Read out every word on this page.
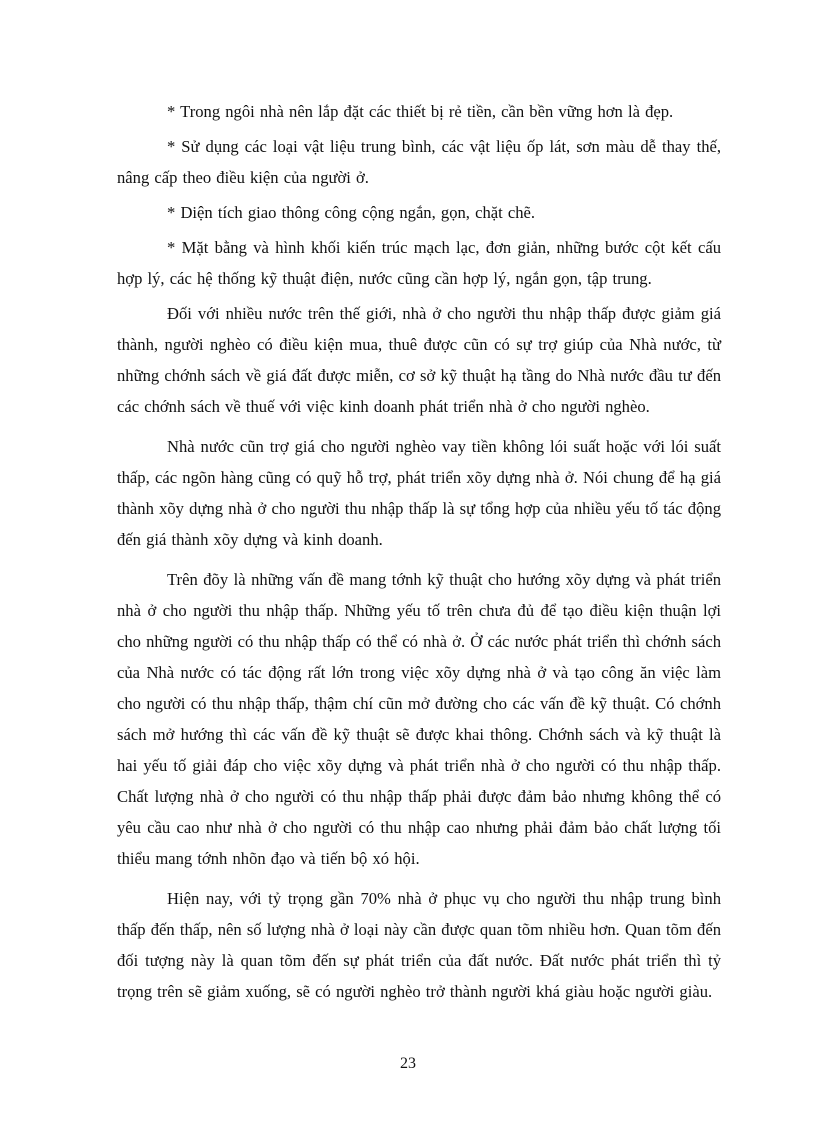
* Trong ngôi nhà nên lắp đặt các thiết bị rẻ tiền, cần bền vững hơn là đẹp.

* Sử dụng các loại vật liệu trung bình, các vật liệu ốp lát, sơn màu dễ thay thế, nâng cấp theo điều kiện của người ở.

* Diện tích giao thông công cộng ngắn, gọn, chặt chẽ.

* Mặt bằng và hình khối kiến trúc mạch lạc, đơn giản, những bước cột kết cấu hợp lý, các hệ thống kỹ thuật điện, nước cũng cần hợp lý, ngắn gọn, tập trung.

Đối với nhiều nước trên thế giới, nhà ở cho người thu nhập thấp được giảm giá thành, người nghèo có điều kiện mua, thuê được cũn có sự trợ giúp của Nhà nước, từ những chớnh sách về giá đất được miễn, cơ sở kỹ thuật hạ tầng do Nhà nước đầu tư đến các chớnh sách về thuế với việc kinh doanh phát triển nhà ở cho người nghèo.

Nhà nước cũn trợ giá cho người nghèo vay tiền không lói suất hoặc với lói suất thấp, các ngõn hàng cũng có quỹ hỗ trợ, phát triển xõy dựng nhà ở. Nói chung để hạ giá thành xõy dựng nhà ở cho người thu nhập thấp là sự tổng hợp của nhiều yếu tố tác động đến giá thành xõy dựng và kinh doanh.

Trên đõy là những vấn đề mang tớnh kỹ thuật cho hướng xõy dựng và phát triển nhà ở cho người thu nhập thấp. Những yếu tố trên chưa đủ để tạo điều kiện thuận lợi cho những người có thu nhập thấp có thể có nhà ở. Ở các nước phát triển thì chớnh sách của Nhà nước có tác động rất lớn trong việc xõy dựng nhà ở và tạo công ăn việc làm cho người có thu nhập thấp, thậm chí cũn mở đường cho các vấn đề kỹ thuật. Có chớnh sách mở hướng thì các vấn đề kỹ thuật sẽ được khai thông. Chớnh sách và kỹ thuật là hai yếu tố giải đáp cho việc xõy dựng và phát triển nhà ở cho người có thu nhập thấp. Chất lượng nhà ở cho người có thu nhập thấp phải được đảm bảo nhưng không thể có yêu cầu cao như nhà ở cho người có thu nhập cao nhưng phải đảm bảo chất lượng tối thiểu mang tớnh nhõn đạo và tiến bộ xó hội.

Hiện nay, với tỷ trọng gần 70% nhà ở phục vụ cho người thu nhập trung bình thấp đến thấp, nên số lượng nhà ở loại này cần được quan tõm nhiều hơn. Quan tõm đến đối tượng này là quan tõm đến sự phát triển của đất nước. Đất nước phát triển thì tỷ trọng trên sẽ giảm xuống, sẽ có người nghèo trở thành người khá giàu hoặc người giàu.

23
